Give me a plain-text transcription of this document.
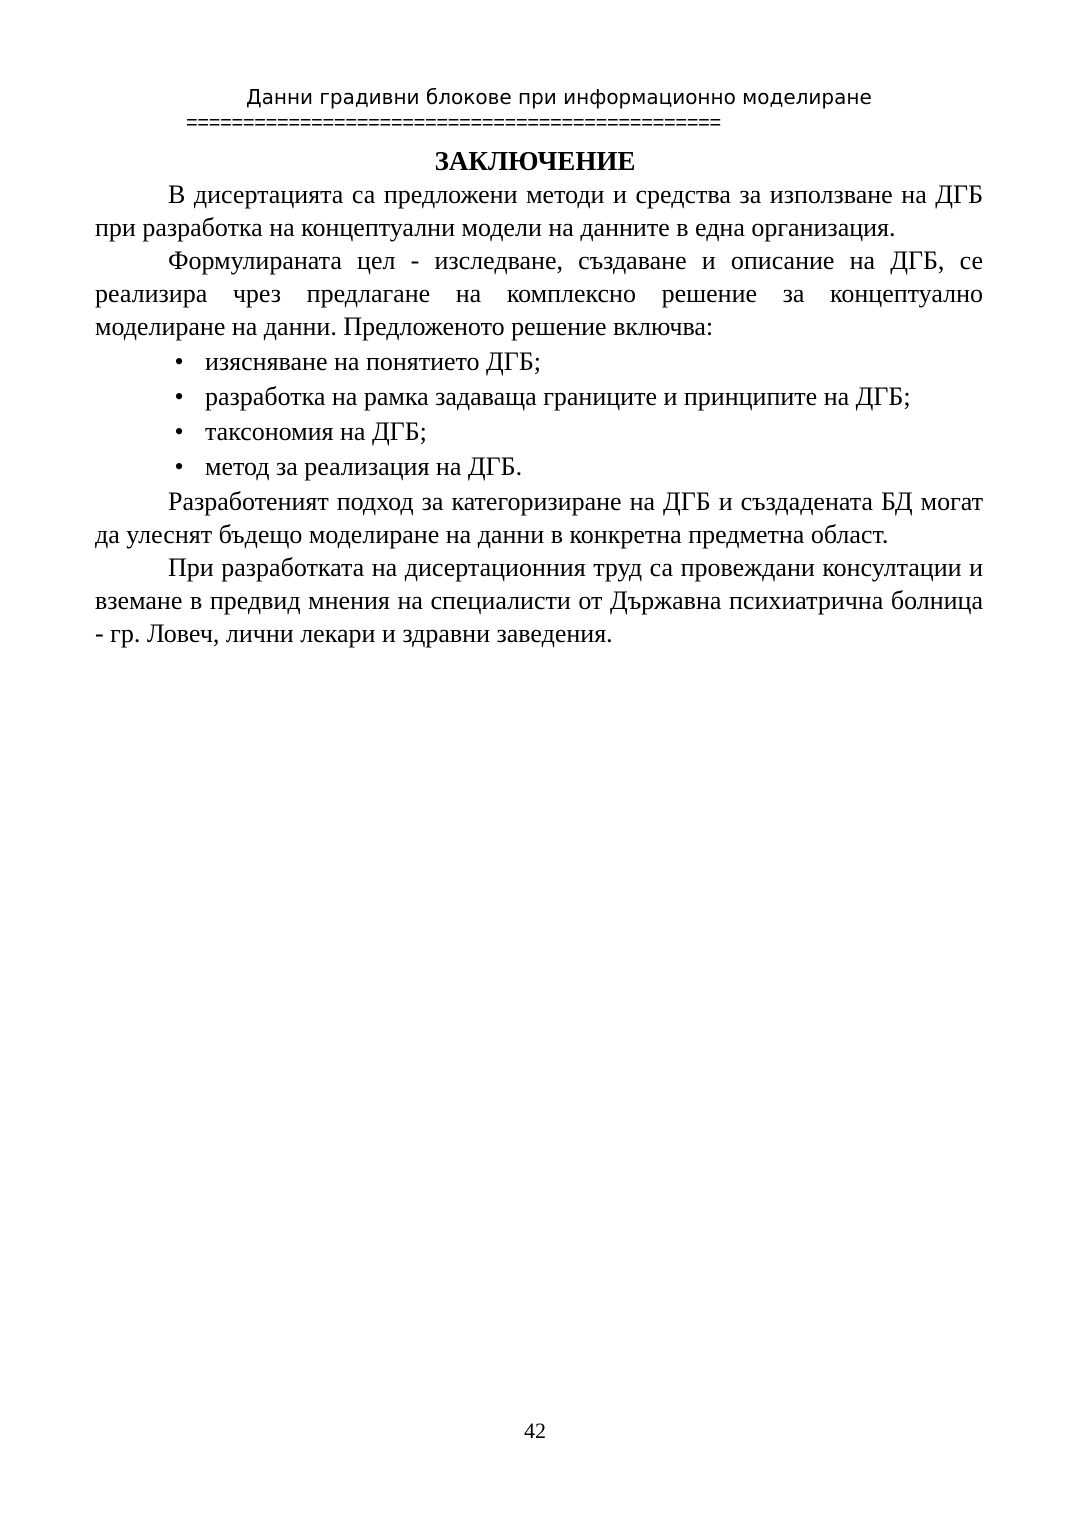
Данни градивни блокове при информационно моделиране
===============================================
ЗАКЛЮЧЕНИЕ

В дисертацията са предложени методи и средства за използване на ДГБ при разработка на концептуални модели на данните в една организация.

Формулираната цел - изследване, създаване и описание на ДГБ, се реализира чрез предлагане на комплексно решение за концептуално моделиране на данни. Предложеното решение включва:

• изясняване на понятието ДГБ;
• разработка на рамка задаваща границите и принципите на ДГБ;
• таксономия на ДГБ;
• метод за реализация на ДГБ.

Разработеният подход за категоризиране на ДГБ и създадената БД могат да улеснят бъдещо моделиране на данни в конкретна предметна област.

При разработката на дисертационния труд са провеждани консултации и вземане в предвид мнения на специалисти от Държавна психиатрична болница - гр. Ловеч, лични лекари и здравни заведения.

42
